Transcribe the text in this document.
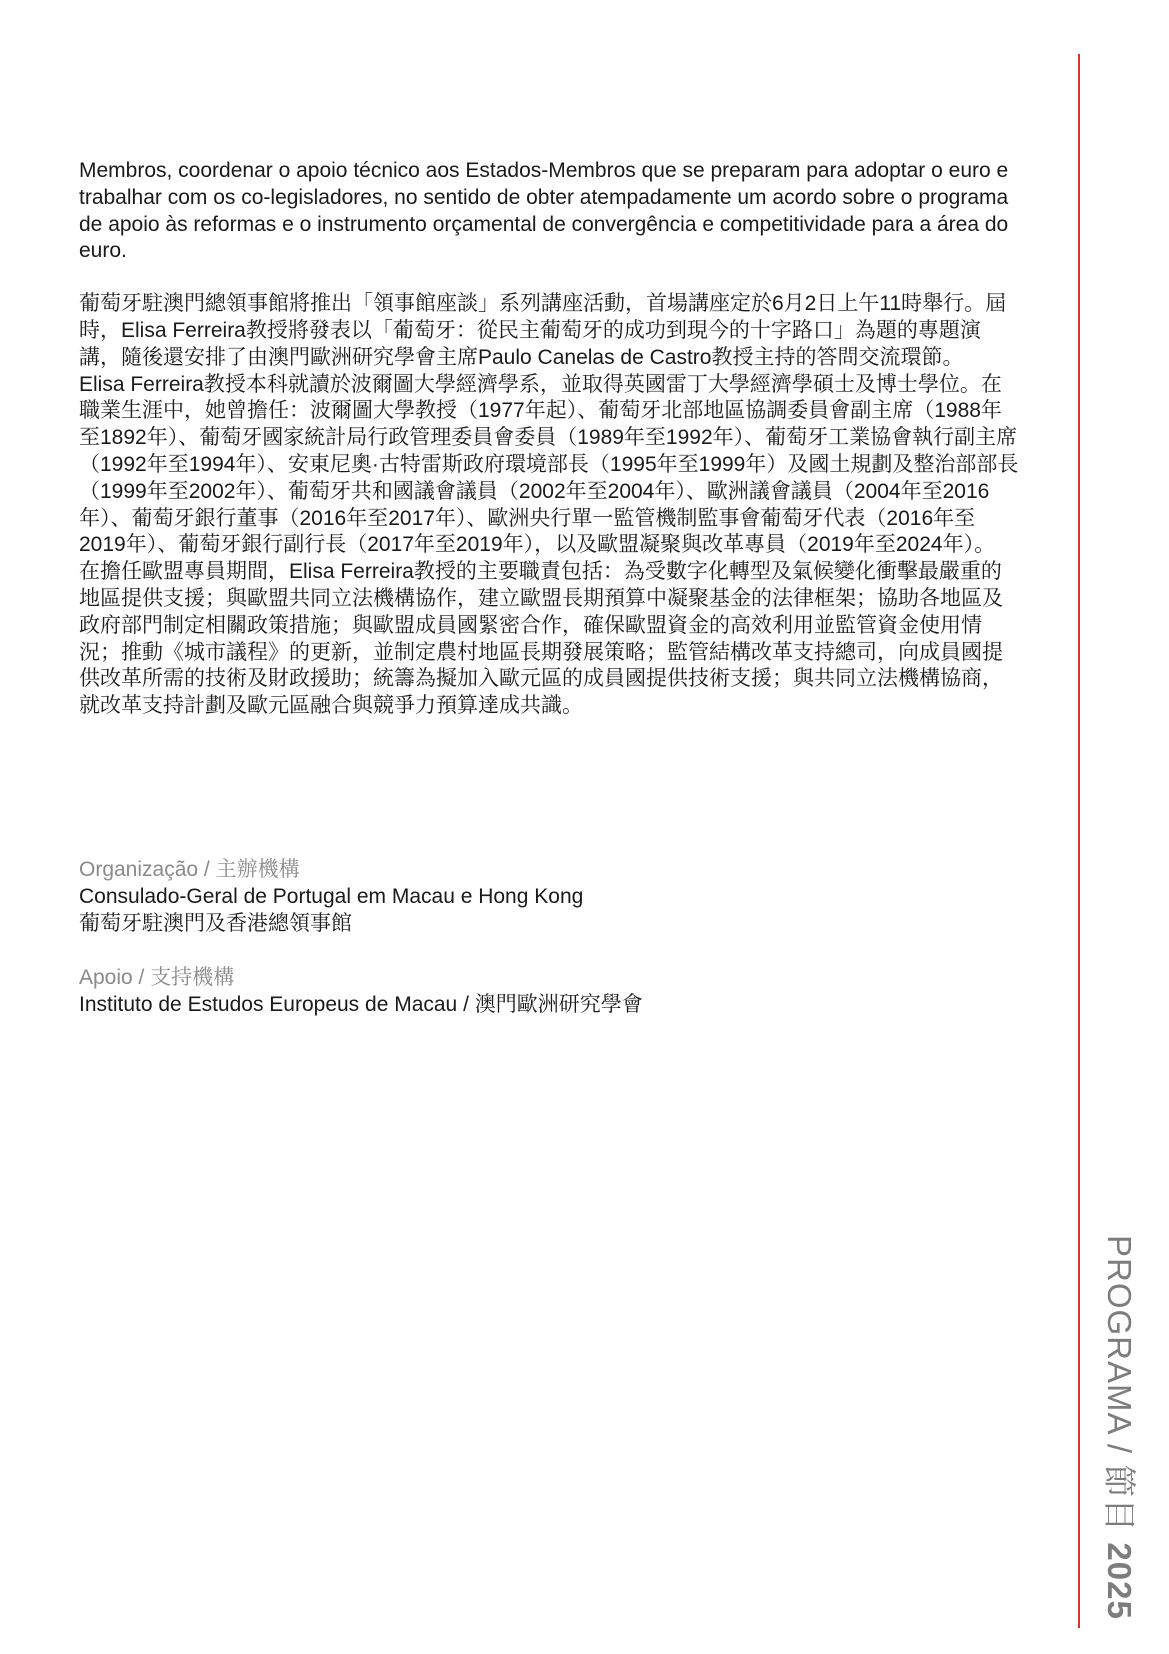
Membros, coordenar o apoio técnico aos Estados-Membros que se preparam para adoptar o euro e trabalhar com os co-legisladores, no sentido de obter atempadamente um acordo sobre o programa de apoio às reformas e o instrumento orçamental de convergência e competitividade para a área do euro.

葡萄牙駐澳門總領事館將推出「領事館座談」系列講座活動，首場講座定於6月2日上午11時舉行。屆時，Elisa Ferreira教授將發表以「葡萄牙：從民主葡萄牙的成功到現今的十字路口」為題的專題演講，隨後還安排了由澳門歐洲研究學會主席Paulo Canelas de Castro教授主持的答問交流環節。

Elisa Ferreira教授本科就讀於波爾圖大學經濟學系，並取得英國雷丁大學經濟學碩士及博士學位。在職業生涯中，她曾擔任：波爾圖大學教授（1977年起）、葡萄牙北部地區協調委員會副主席（1988年至1892年）、葡萄牙國家統計局行政管理委員會委員（1989年至1992年）、葡萄牙工業協會執行副主席（1992年至1994年）、安東尼奧·古特雷斯政府環境部長（1995年至1999年）及國土規劃及整治部部長（1999年至2002年）、葡萄牙共和國議會議員（2002年至2004年）、歐洲議會議員（2004年至2016年）、葡萄牙銀行董事（2016年至2017年）、歐洲央行單一監管機制監事會葡萄牙代表（2016年至2019年）、葡萄牙銀行副行長（2017年至2019年），以及歐盟凝聚與改革專員（2019年至2024年）。

在擔任歐盟專員期間，Elisa Ferreira教授的主要職責包括：為受數字化轉型及氣候變化衝擊最嚴重的地區提供支援；與歐盟共同立法機構協作，建立歐盟長期預算中凝聚基金的法律框架；協助各地區及政府部門制定相關政策措施；與歐盟成員國緊密合作，確保歐盟資金的高效利用並監管資金使用情況；推動《城市議程》的更新，並制定農村地區長期發展策略；監管結構改革支持總司，向成員國提供改革所需的技術及財政援助；統籌為擬加入歐元區的成員國提供技術支援；與共同立法機構協商，就改革支持計劃及歐元區融合與競爭力預算達成共識。

Organização / 主辦機構
Consulado-Geral de Portugal em Macau e Hong Kong
葡萄牙駐澳門及香港總領事館
Apoio / 支持機構
Instituto de Estudos Europeus de Macau / 澳門歐洲研究學會
PROGRAMA / 節目 2025
